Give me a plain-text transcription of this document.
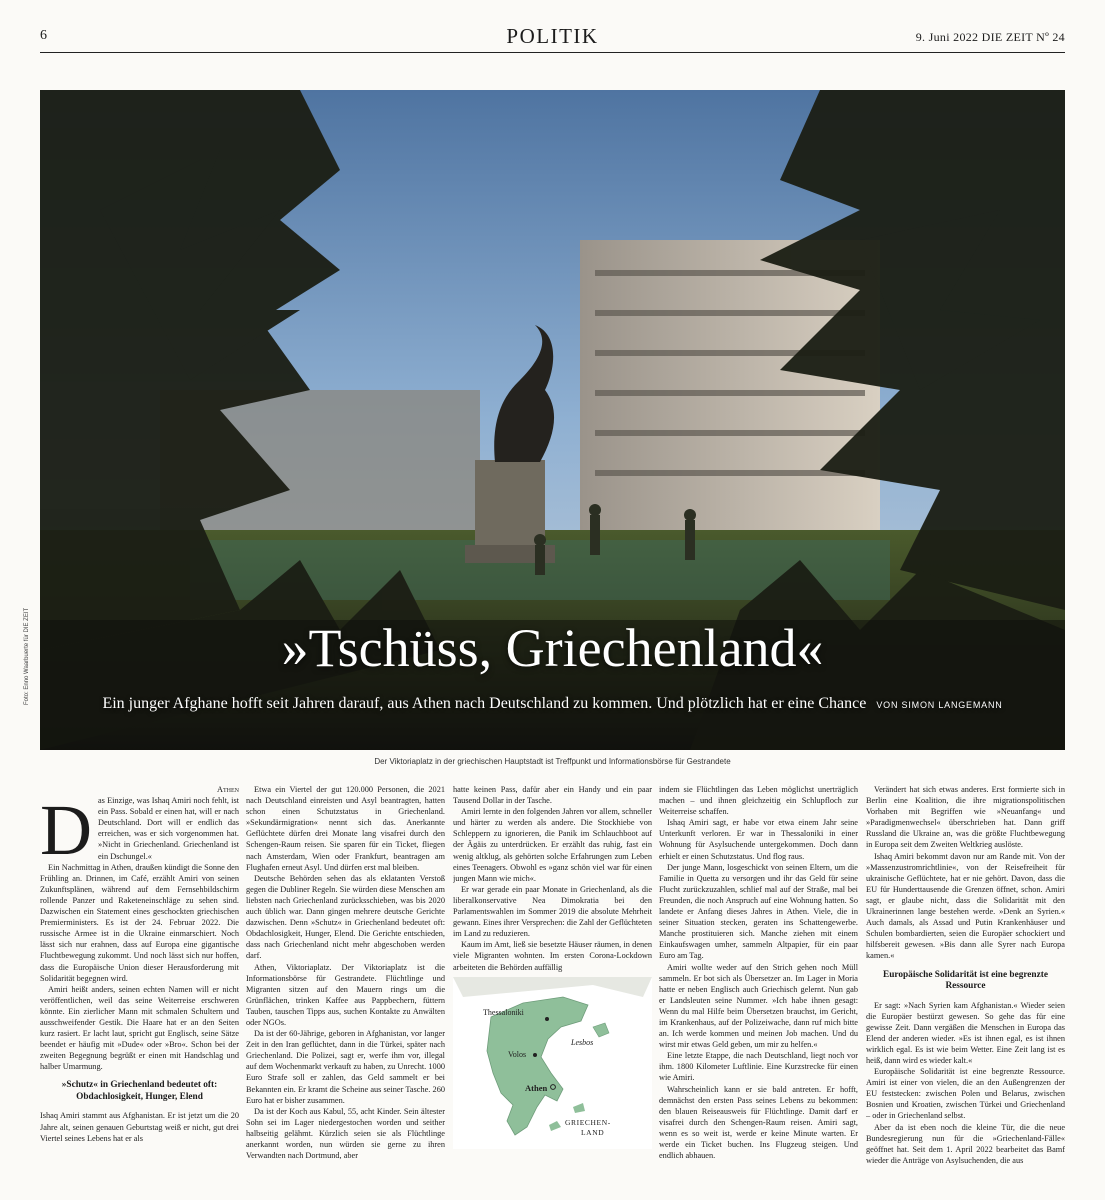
6	POLITIK	9. Juni 2022 DIE ZEIT Nº 24
Foto: Enno Waarbuerte für DIE ZEIT	»Tschüss, Griechenland«
Ein junger Afghane hofft seit Jahren darauf, aus Athen nach Deutschland zu kommen. Und plötzlich hat er eine Chance VON SIMON LANGEMANN
Der Viktoriaplatz in der griechischen Hauptstadt ist Treffpunkt und Informationsbörse für Gestrandete
Athen
D as Einzige, was Ishaq Amiri noch fehlt, ist ein Pass. Sobald er einen hat, will er nach Deutschland. Dort will er endlich das erreichen, was er sich vorgenommen hat. »Nicht in Griechenland. Griechenland ist ein Dschungel.«

Ein Nachmittag in Athen, draußen kündigt die Sonne den Frühling an. Drinnen, im Café, erzählt Amiri von seinen Zukunftsplänen, während auf dem Fernsehbildschirm rollende Panzer und Raketeneinschläge zu sehen sind. Dazwischen ein Statement eines geschockten griechischen Premierministers. Es ist der 24. Februar 2022. Die russische Armee ist in die Ukraine einmarschiert. Noch lässt sich nur erahnen, dass auf Europa eine gigantische Fluchtbewegung zukommt. Und noch lässt sich nur hoffen, dass die Europäische Union dieser Herausforderung mit Solidarität begegnen wird.

Amiri heißt anders, seinen echten Namen will er nicht veröffentlichen, weil das seine Weiterreise erschweren könnte. Ein zierlicher Mann mit schmalen Schultern und ausschweifender Gestik. Die Haare hat er an den Seiten kurz rasiert. Er lacht laut, spricht gut Englisch, seine Sätze beendet er häufig mit »Dude« oder »Bro«. Schon bei der zweiten Begegnung begrüßt er einen mit Handschlag und halber Umarmung.

»Schutz« in Griechenland bedeutet oft: Obdachlosigkeit, Hunger, Elend

Ishaq Amiri stammt aus Afghanistan. Er ist jetzt um die 20 Jahre alt, seinen genauen Geburtstag weiß er nicht, gut drei Viertel seines Lebens hat er als

Etwa ein Viertel der gut 120.000 Personen, die 2021 nach Deutschland einreisten und Asyl beantragten, hatten schon einen Schutzstatus in Griechenland. »Sekundärmigration« nennt sich das. Anerkannte Geflüchtete dürfen drei Monate lang visafrei durch den Schengen-Raum reisen. Sie sparen für ein Ticket, fliegen nach Amsterdam, Wien oder Frankfurt, beantragen am Flughafen erneut Asyl. Und dürfen erst mal bleiben.

Deutsche Behörden sehen das als eklatanten Verstoß gegen die Dubliner Regeln. Sie würden diese Menschen am liebsten nach Griechenland zurücksschieben, was bis 2020 auch üblich war. Dann gingen mehrere deutsche Gerichte dazwischen. Denn »Schutz« in Griechenland bedeutet oft: Obdachlosigkeit, Hunger, Elend. Die Gerichte entschieden, dass nach Griechenland nicht mehr abgeschoben werden darf.

Athen, Viktoriaplatz. Der Viktoriaplatz ist die Informationsbörse für Gestrandete. Flüchtlinge und Migranten sitzen auf den Mauern rings um die Grünflächen, trinken Kaffee aus Pappbechern, füttern Tauben, tauschen Tipps aus, suchen Kontakte zu Anwälten oder NGOs.

Da ist der 60-Jährige, geboren in Afghanistan, vor langer Zeit in den Iran geflüchtet, dann in die Türkei, später nach Griechenland. Die Polizei, sagt er, werfe ihm vor, illegal auf dem Wochenmarkt verkauft zu haben, zu Unrecht. 1000 Euro Strafe soll er zahlen, das Geld sammelt er bei Bekannten ein. Er kramt die Scheine aus seiner Tasche. 260 Euro hat er bisher zusammen.

Da ist der Koch aus Kabul, 55, acht Kinder. Sein ältester Sohn sei im Lager niedergestochen worden und seither halbseitig gelähmt. Kürzlich seien sie als Flüchtlinge anerkannt worden, nun würden sie gerne zu ihren Verwandten nach Dortmund, aber

hatte keinen Pass, dafür aber ein Handy und ein paar Tausend Dollar in der Tasche.

Amiri lernte in den folgenden Jahren vor allem, schneller und härter zu werden als andere. Die Stockhiebe von Schleppern zu ignorieren, die Panik im Schlauchboot auf der Ägäis zu unterdrücken. Er erzählt das ruhig, fast ein wenig altklug, als gehörten solche Erfahrungen zum Leben eines Teenagers. Obwohl es »ganz schön viel war für einen jungen Mann wie mich«.

Er war gerade ein paar Monate in Griechenland, als die liberalkonservative Nea Dimokratia bei den Parlamentswahlen im Sommer 2019 die absolute Mehrheit gewann. Eines ihrer Versprechen: die Zahl der Geflüchteten im Land zu reduzieren.

Kaum im Amt, ließ sie besetzte Häuser räumen, in denen viele Migranten wohnten. Im ersten Corona-Lockdown arbeiteten die Behörden auffällig

Thessaloniki
Volos
Lesbos
Athen
GRIECHEN-
LAND

indem sie Flüchtlingen das Leben möglichst unerträglich machen – und ihnen gleichzeitig ein Schlupfloch zur Weiterreise schaffen.

Ishaq Amiri sagt, er habe vor etwa einem Jahr seine Unterkunft verloren. Er war in Thessaloniki in einer Wohnung für Asylsuchende untergekommen. Doch dann erhielt er einen Schutzstatus. Und flog raus.

Der junge Mann, losgeschickt von seinen Eltern, um die Familie in Quetta zu versorgen und ihr das Geld für seine Flucht zurückzuzahlen, schlief mal auf der Straße, mal bei Freunden, die noch Anspruch auf eine Wohnung hatten. So landete er Anfang dieses Jahres in Athen. Viele, die in seiner Situation stecken, geraten ins Schattengewerbe. Manche prostituieren sich. Manche ziehen mit einem Einkaufswagen umher, sammeln Altpapier, für ein paar Euro am Tag.

Amiri wollte weder auf den Strich gehen noch Müll sammeln. Er bot sich als Übersetzer an. Im Lager in Moria hatte er neben Englisch auch Griechisch gelernt. Nun gab er Landsleuten seine Nummer. »Ich habe ihnen gesagt: Wenn du mal Hilfe beim Übersetzen brauchst, im Gericht, im Krankenhaus, auf der Polizeiwache, dann ruf mich bitte an. Ich werde kommen und meinen Job machen. Und du wirst mir etwas Geld geben, um mir zu helfen.«

Eine letzte Etappe, die nach Deutschland, liegt noch vor ihm. 1800 Kilometer Luftlinie. Eine Kurzstrecke für einen wie Amiri.

Wahrscheinlich kann er sie bald antreten. Er hofft, demnächst den ersten Pass seines Lebens zu bekommen: den blauen Reiseausweis für Flüchtlinge. Damit darf er visafrei durch den Schengen-Raum reisen. Amiri sagt, wenn es so weit ist, werde er keine Minute warten. Er werde ein Ticket buchen. Ins Flugzeug steigen. Und endlich abhauen.

Verändert hat sich etwas anderes. Erst formierte sich in Berlin eine Koalition, die ihre migrationspolitischen Vorhaben mit Begriffen wie »Neuanfang« und »Paradigmenwechsel« überschrieben hat. Dann griff Russland die Ukraine an, was die größte Fluchtbewegung in Europa seit dem Zweiten Weltkrieg auslöste.

Ishaq Amiri bekommt davon nur am Rande mit. Von der »Massenzustromrichtlinie«, von der Reisefreiheit für ukrainische Geflüchtete, hat er nie gehört. Davon, dass die EU für Hunderttausende die Grenzen öffnet, schon. Amiri sagt, er glaube nicht, dass die Solidarität mit den Ukrainerinnen lange bestehen werde. »Denk an Syrien.« Auch damals, als Assad und Putin Krankenhäuser und Schulen bombardierten, seien die Europäer schockiert und hilfsbereit gewesen. »Bis dann alle Syrer nach Europa kamen.«

Europäische Solidarität ist eine begrenzte Ressource

Er sagt: »Nach Syrien kam Afghanistan.« Wieder seien die Europäer bestürzt gewesen. So gehe das für eine gewisse Zeit. Dann vergäßen die Menschen in Europa das Elend der anderen wieder. »Es ist ihnen egal, es ist ihnen wirklich egal. Es ist wie beim Wetter. Eine Zeit lang ist es heiß, dann wird es wieder kalt.«

Europäische Solidarität ist eine begrenzte Ressource. Amiri ist einer von vielen, die an den Außengrenzen der EU feststecken: zwischen Polen und Belarus, zwischen Bosnien und Kroatien, zwischen Türkei und Griechenland – oder in Griechenland selbst.

Aber da ist eben noch die kleine Tür, die die neue Bundesregierung nun für die »Griechenland-Fälle« geöffnet hat. Seit dem 1. April 2022 bearbeitet das Bamf wieder die Anträge von Asylsuchenden, die aus
